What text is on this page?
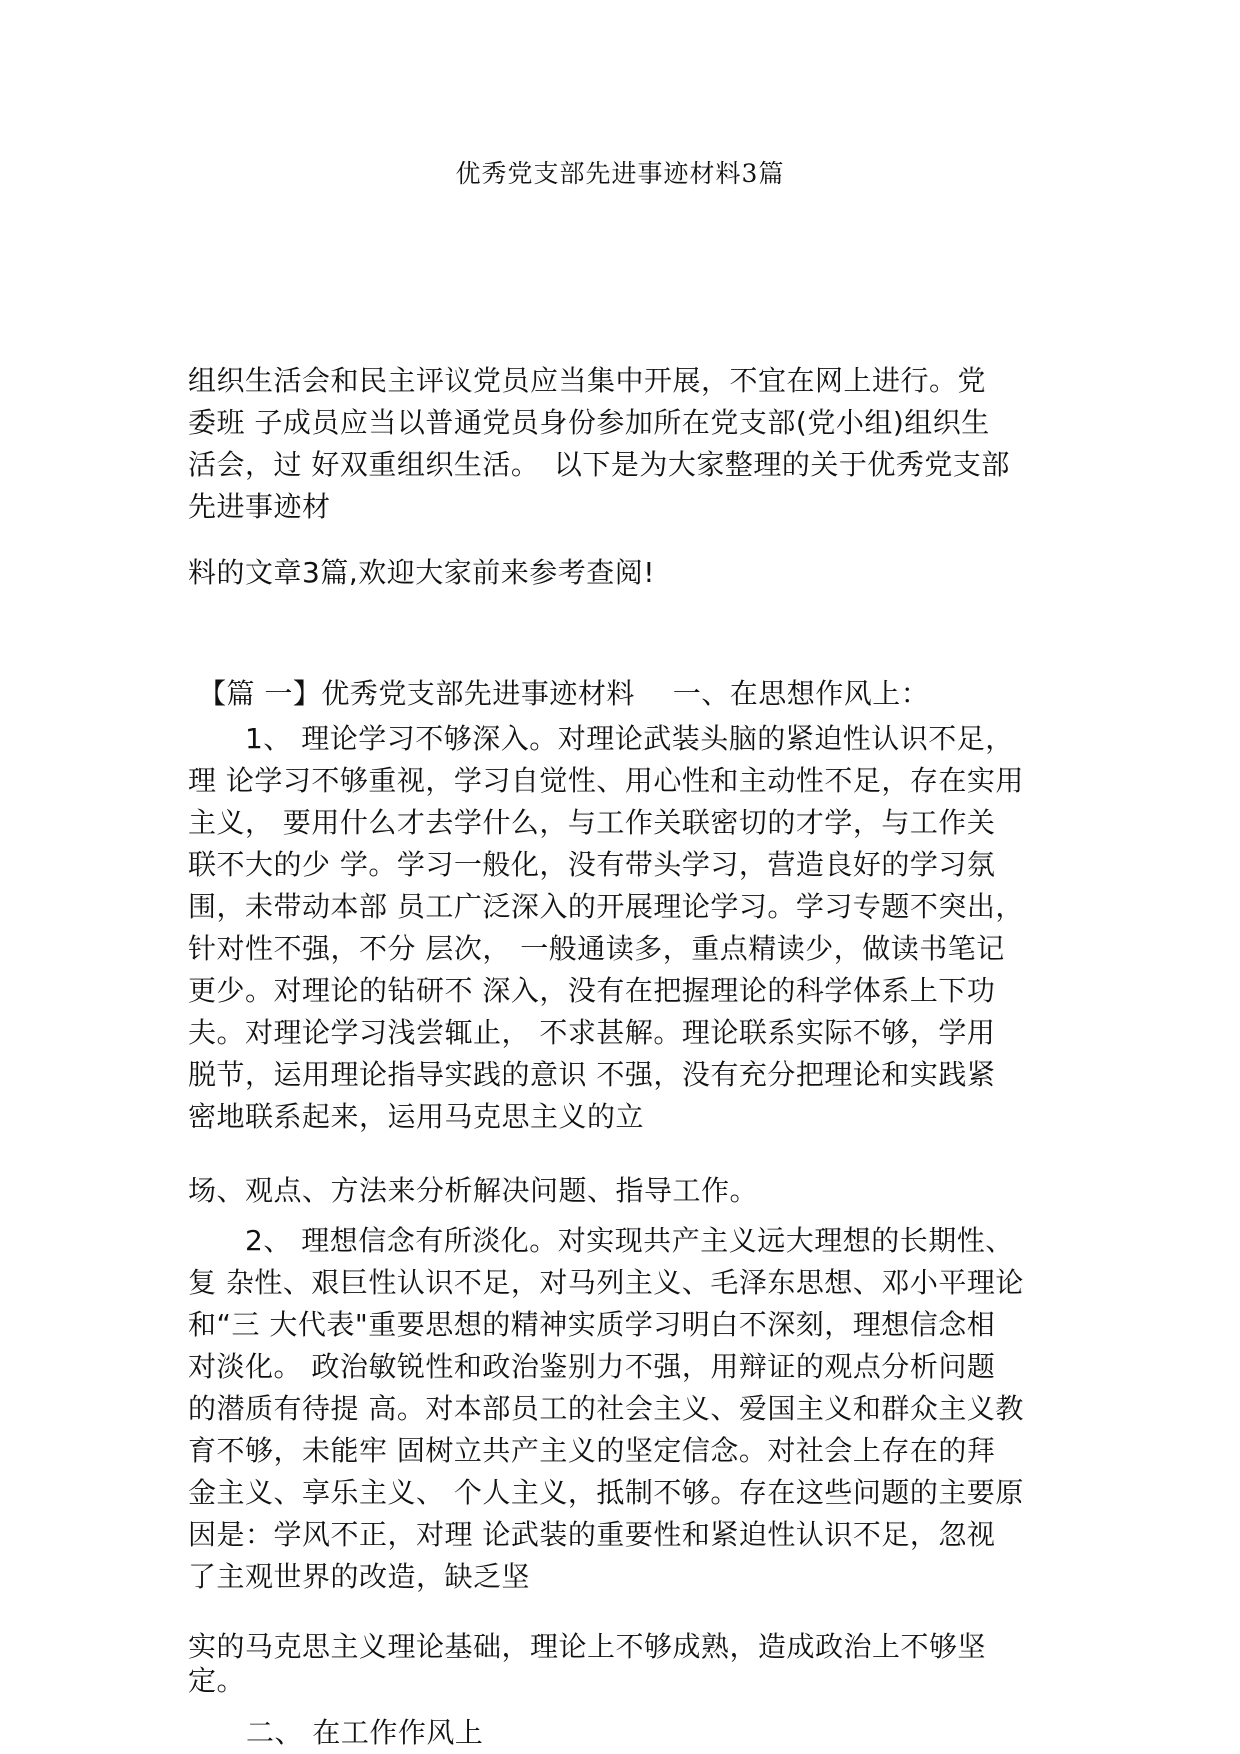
优秀党支部先进事迹材料3篇
组织生活会和民主评议党员应当集中开展，不宜在网上进行。党
委班 子成员应当以普通党员身份参加所在党支部(党小组)组织生
活会，过 好双重组织生活。　以下是为大家整理的关于优秀党支部
先进事迹材
料的文章3篇,欢迎大家前来参考查阅!
【篇 一】优秀党支部先进事迹材料　 一、在思想作风上：
　　1、 理论学习不够深入。对理论武装头脑的紧迫性认识不足，
理 论学习不够重视，学习自觉性、用心性和主动性不足，存在实用
主义， 要用什么才去学什么，与工作关联密切的才学，与工作关
联不大的少 学。学习一般化，没有带头学习，营造良好的学习氛
围，未带动本部 员工广泛深入的开展理论学习。学习专题不突出，
针对性不强，不分 层次， 一般通读多，重点精读少，做读书笔记
更少。对理论的钻研不 深入，没有在把握理论的科学体系上下功
夫。对理论学习浅尝辄止， 不求甚解。理论联系实际不够，学用
脱节，运用理论指导实践的意识 不强，没有充分把理论和实践紧
密地联系起来，运用马克思主义的立
场、观点、方法来分析解决问题、指导工作。
　　2、 理想信念有所淡化。对实现共产主义远大理想的长期性、
复 杂性、艰巨性认识不足，对马列主义、毛泽东思想、邓小平理论
和“三 大代表"重要思想的精神实质学习明白不深刻，理想信念相
对淡化。 政治敏锐性和政治鉴别力不强，用辩证的观点分析问题
的潜质有待提 高。对本部员工的社会主义、爱国主义和群众主义教
育不够，未能牢 固树立共产主义的坚定信念。对社会上存在的拜
金主义、享乐主义、 个人主义，抵制不够。存在这些问题的主要原
因是：学风不正，对理 论武装的重要性和紧迫性认识不足，忽视
了主观世界的改造，缺乏坚
实的马克思主义理论基础，理论上不够成熟，造成政治上不够坚
定。
二、 在工作作风上
